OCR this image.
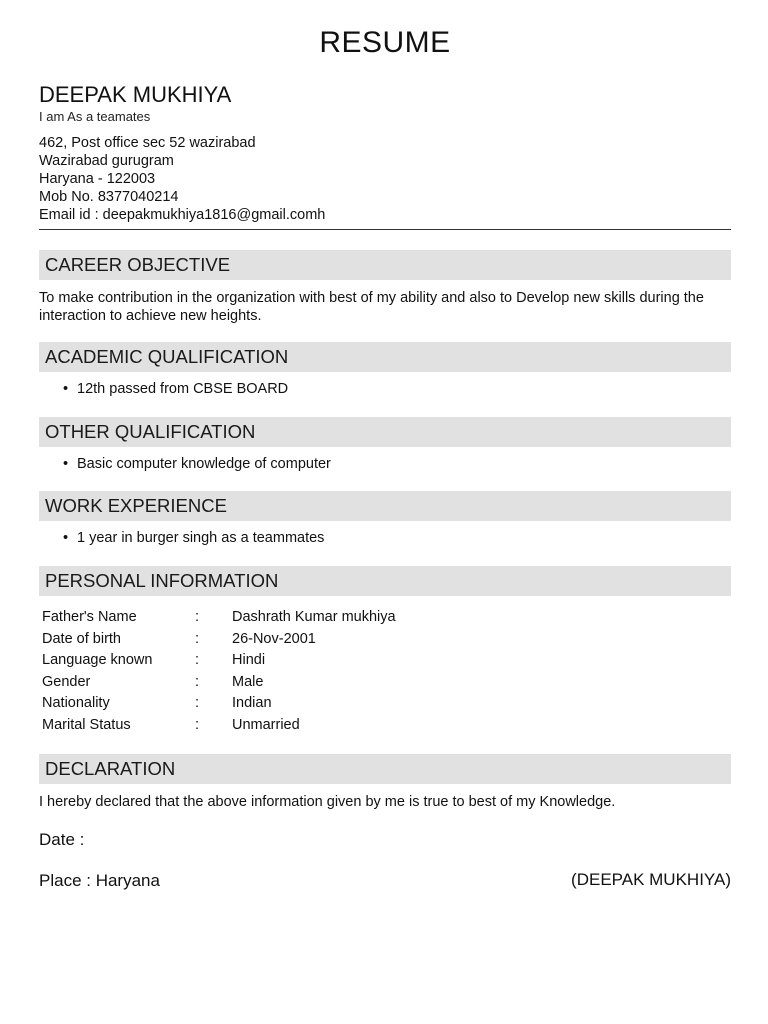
RESUME
DEEPAK MUKHIYA
I am As a teamates
462, Post office sec 52 wazirabad
Wazirabad gurugram
Haryana - 122003
Mob No. 8377040214
Email id : deepakmukhiya1816@gmail.comh
CAREER OBJECTIVE
To make contribution in the organization with best of my ability and also to Develop new skills during the interaction to achieve new heights.
ACADEMIC QUALIFICATION
• 12th passed from CBSE BOARD
OTHER QUALIFICATION
• Basic computer knowledge of computer
WORK EXPERIENCE
• 1 year in burger singh as a teammates
PERSONAL INFORMATION
Father's Name	: Dashrath Kumar mukhiya
Date of birth	: 26-Nov-2001
Language known	: Hindi
Gender	: Male
Nationality	: Indian
Marital Status	: Unmarried
DECLARATION
I hereby declared that the above information given by me is true to best of my Knowledge.
Date :
Place : Haryana	(DEEPAK MUKHIYA)
